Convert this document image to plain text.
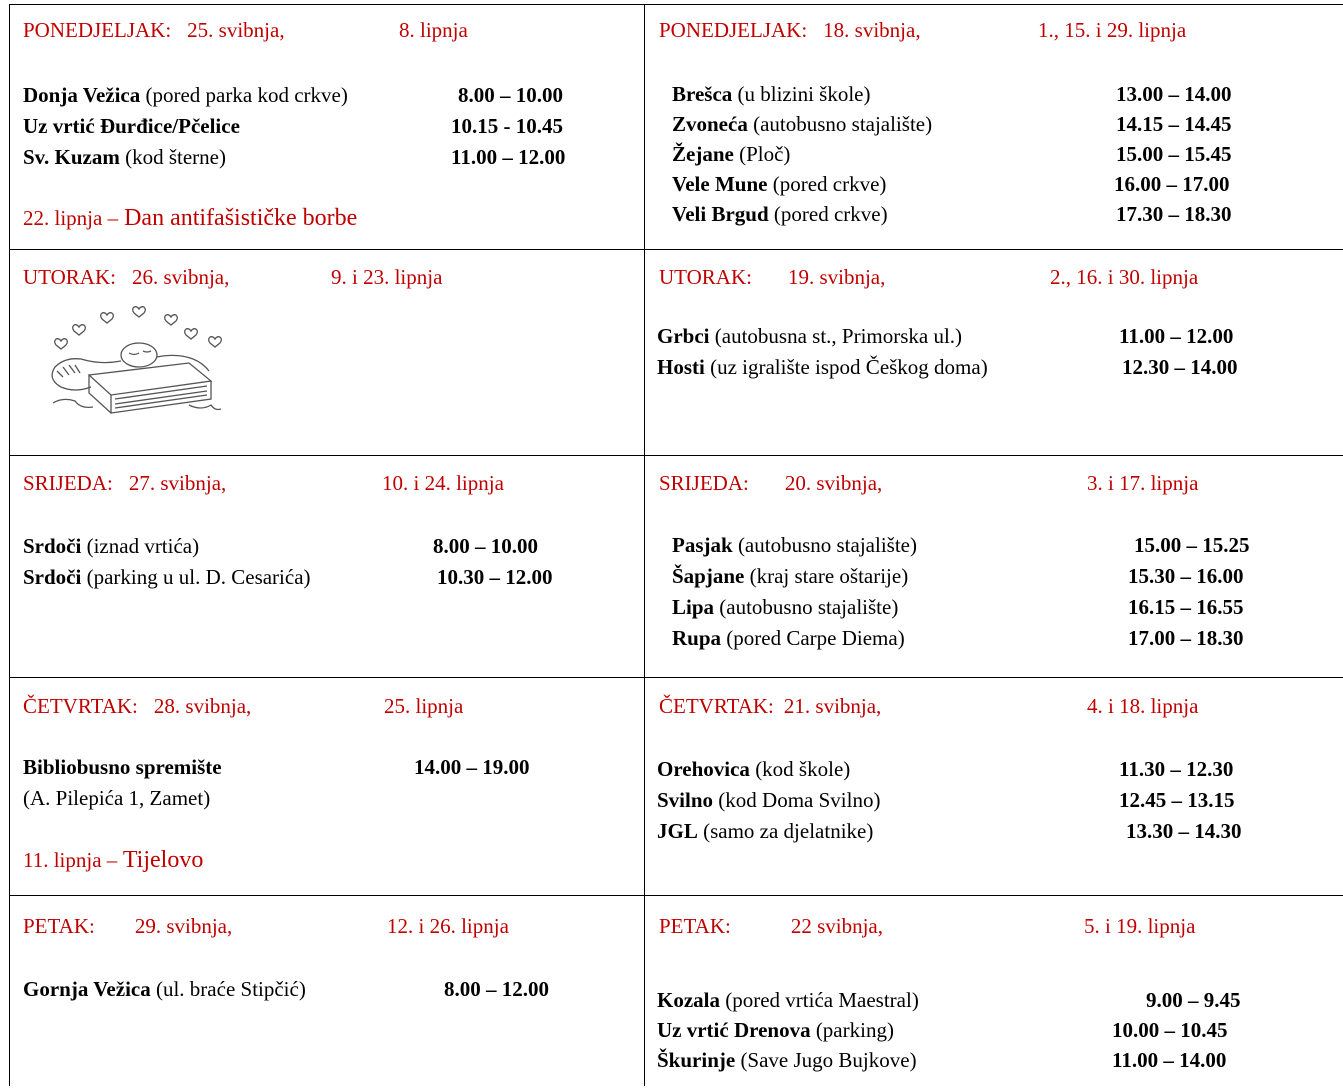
PONEDJELJAK: 25. svibnja,	8. lipnja
Donja Vežica (pored parka kod crkve)	8.00 – 10.00
Uz vrtić Đurđice/Pčelice	10.15 - 10.45
Sv. Kuzam (kod šterne)	11.00 – 12.00
22. lipnja – Dan antifašističke borbe
UTORAK: 26. svibnja,	9. i 23. lipnja
SRIJEDA: 27. svibnja,	10. i 24. lipnja
Srdoči (iznad vrtića)	8.00 – 10.00
Srdoči (parking u ul. D. Cesarića)	10.30 – 12.00
ČETVRTAK: 28. svibnja,	25. lipnja
Bibliobusno spremište	14.00 – 19.00
(A. Pilepića 1, Zamet)
11. lipnja – Tijelovo
PETAK: 29. svibnja,	12. i 26. lipnja
Gornja Vežica (ul. braće Stipčić)	8.00 – 12.00
PONEDJELJAK: 18. svibnja,	1., 15. i 29. lipnja
Brešca (u blizini škole)	13.00 – 14.00
Zvoneća (autobusno stajalište)	14.15 – 14.45
Žejane (Ploč)	15.00 – 15.45
Vele Mune (pored crkve)	16.00 – 17.00
Veli Brgud (pored crkve)	17.30 – 18.30
UTORAK: 19. svibnja,	2., 16. i 30. lipnja
Grbci (autobusna st., Primorska ul.)	11.00 – 12.00
Hosti (uz igralište ispod Češkog doma)	12.30 – 14.00
SRIJEDA: 20. svibnja,	3. i 17. lipnja
Pasjak (autobusno stajalište)	15.00 – 15.25
Šapjane (kraj stare oštarije)	15.30 – 16.00
Lipa (autobusno stajalište)	16.15 – 16.55
Rupa (pored Carpe Diema)	17.00 – 18.30
ČETVRTAK: 21. svibnja,	4. i 18. lipnja
Orehovica (kod škole)	11.30 – 12.30
Svilno (kod Doma Svilno)	12.45 – 13.15
JGL (samo za djelatnike)	13.30 – 14.30
PETAK:	22 svibnja,	5. i 19. lipnja
Kozala (pored vrtića Maestral)	9.00 – 9.45
Uz vrtić Drenova (parking)	10.00 – 10.45
Škurinje (Save Jugo Bujkove)	11.00 – 14.00
